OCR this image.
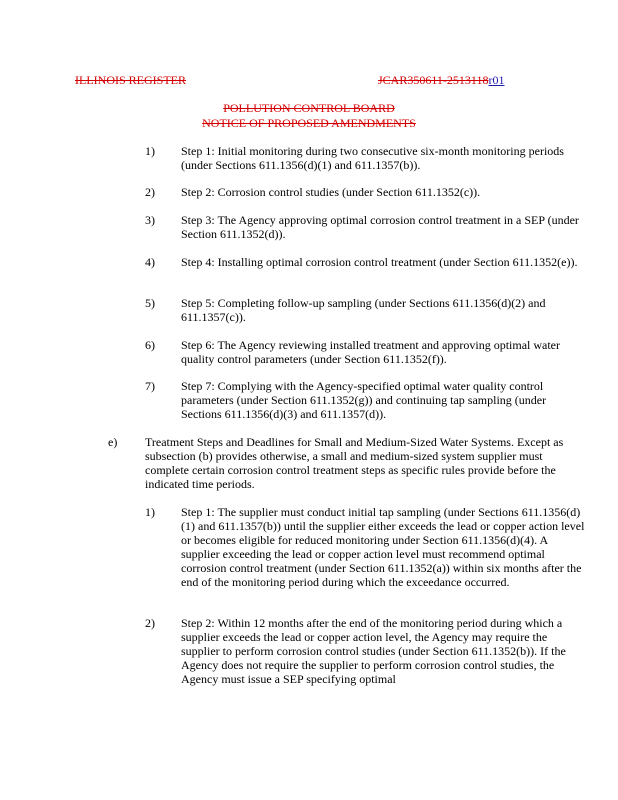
ILLINOIS REGISTER	JCAR350611-2513118r01
POLLUTION CONTROL BOARD
NOTICE OF PROPOSED AMENDMENTS
1) Step 1: Initial monitoring during two consecutive six-month monitoring periods (under Sections 611.1356(d)(1) and 611.1357(b)).
2) Step 2: Corrosion control studies (under Section 611.1352(c)).
3) Step 3: The Agency approving optimal corrosion control treatment in a SEP (under Section 611.1352(d)).
4) Step 4: Installing optimal corrosion control treatment (under Section 611.1352(e)).
5) Step 5: Completing follow-up sampling (under Sections 611.1356(d)(2) and 611.1357(c)).
6) Step 6: The Agency reviewing installed treatment and approving optimal water quality control parameters (under Section 611.1352(f)).
7) Step 7: Complying with the Agency-specified optimal water quality control parameters (under Section 611.1352(g)) and continuing tap sampling (under Sections 611.1356(d)(3) and 611.1357(d)).
e) Treatment Steps and Deadlines for Small and Medium-Sized Water Systems. Except as subsection (b) provides otherwise, a small and medium-sized system supplier must complete certain corrosion control treatment steps as specific rules provide before the indicated time periods.
1) Step 1: The supplier must conduct initial tap sampling (under Sections 611.1356(d)(1) and 611.1357(b)) until the supplier either exceeds the lead or copper action level or becomes eligible for reduced monitoring under Section 611.1356(d)(4). A supplier exceeding the lead or copper action level must recommend optimal corrosion control treatment (under Section 611.1352(a)) within six months after the end of the monitoring period during which the exceedance occurred.
2) Step 2: Within 12 months after the end of the monitoring period during which a supplier exceeds the lead or copper action level, the Agency may require the supplier to perform corrosion control studies (under Section 611.1352(b)). If the Agency does not require the supplier to perform corrosion control studies, the Agency must issue a SEP specifying optimal
